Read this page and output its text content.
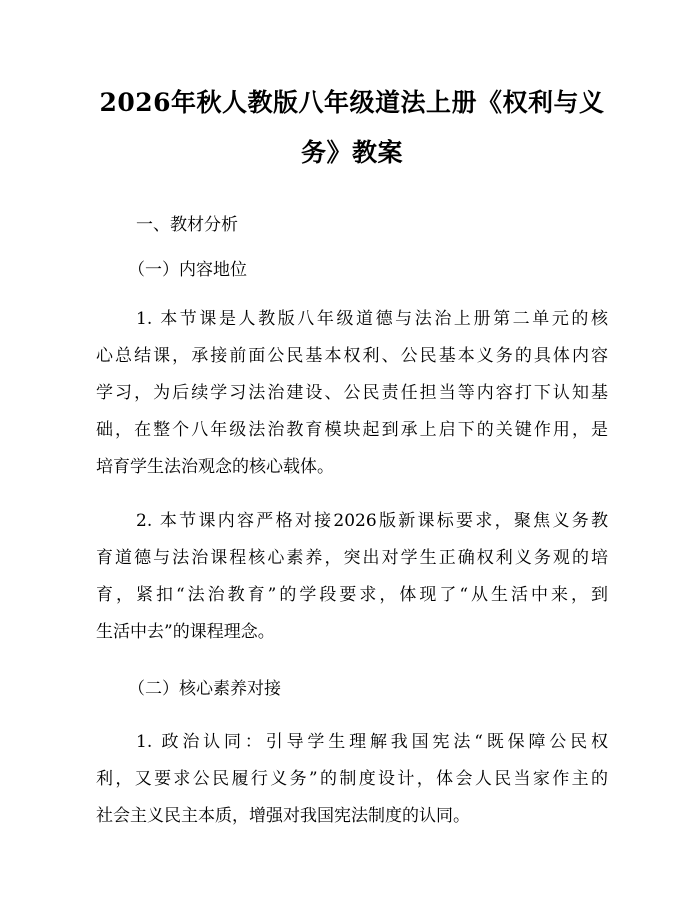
2026年秋人教版八年级道法上册《权利与义
务》教案

一、教材分析

（一）内容地位

1. 本节课是人教版八年级道德与法治上册第二单元的核
心总结课，承接前面公民基本权利、公民基本义务的具体内容
学习，为后续学习法治建设、公民责任担当等内容打下认知基
础，在整个八年级法治教育模块起到承上启下的关键作用，是
培育学生法治观念的核心载体。
2. 本节课内容严格对接2026版新课标要求，聚焦义务教
育道德与法治课程核心素养，突出对学生正确权利义务观的培
育，紧扣“法治教育”的学段要求，体现了“从生活中来，到
生活中去”的课程理念。

（二）核心素养对接

1. 政治认同：引导学生理解我国宪法“既保障公民权
利，又要求公民履行义务”的制度设计，体会人民当家作主的
社会主义民主本质，增强对我国宪法制度的认同。
